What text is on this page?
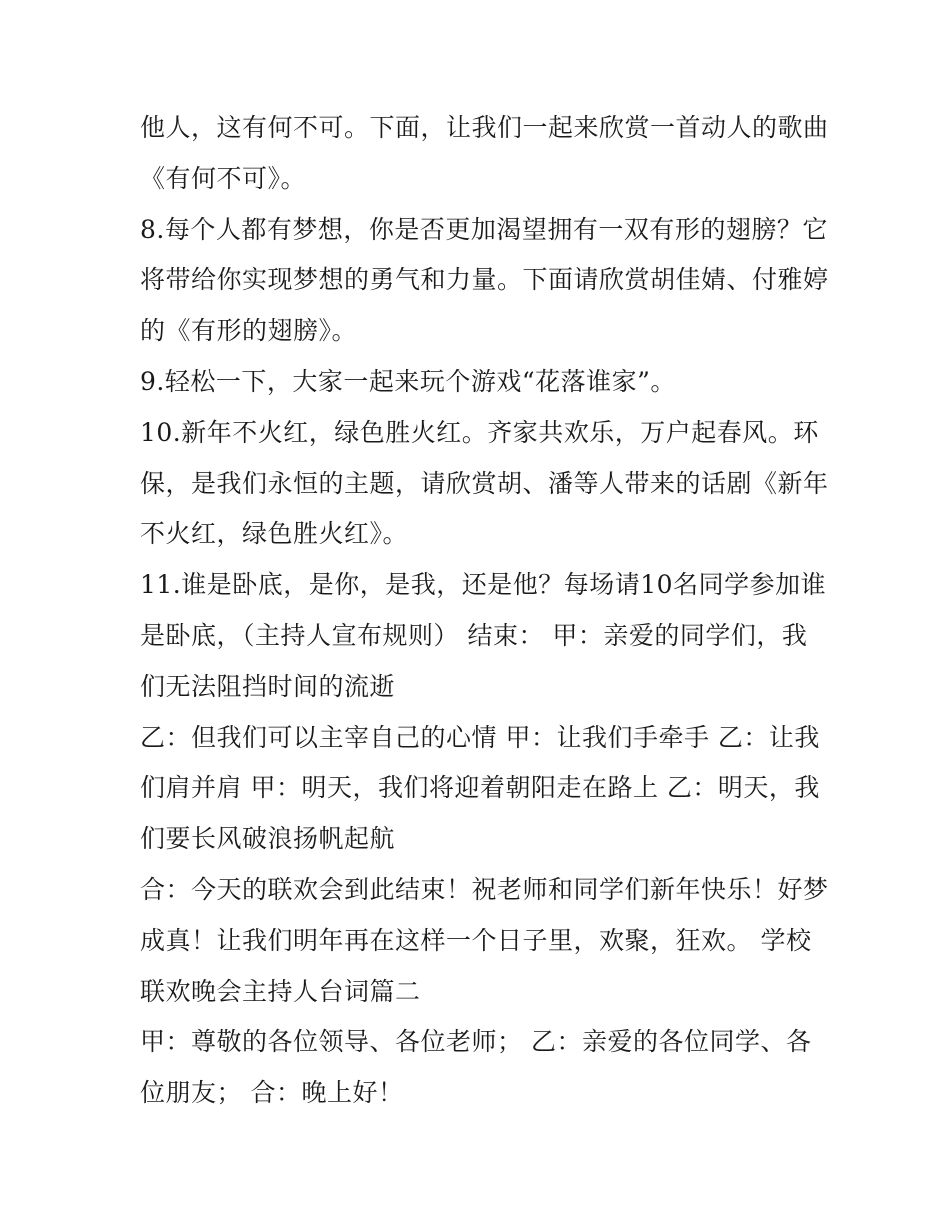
他人，这有何不可。下面，让我们一起来欣赏一首动人的歌曲
《有何不可》。
8.每个人都有梦想，你是否更加渴望拥有一双有形的翅膀？它
将带给你实现梦想的勇气和力量。下面请欣赏胡佳婧、付雅婷
的《有形的翅膀》。
9.轻松一下，大家一起来玩个游戏“花落谁家”。
10.新年不火红，绿色胜火红。齐家共欢乐，万户起春风。环
保，是我们永恒的主题，请欣赏胡、潘等人带来的话剧《新年
不火红，绿色胜火红》。
11.谁是卧底，是你，是我，还是他？每场请10名同学参加谁
是卧底，（主持人宣布规则） 结束： 甲：亲爱的同学们，我
们无法阻挡时间的流逝
乙：但我们可以主宰自己的心情 甲：让我们手牵手 乙：让我
们肩并肩 甲：明天，我们将迎着朝阳走在路上 乙：明天，我
们要长风破浪扬帆起航
合：今天的联欢会到此结束！祝老师和同学们新年快乐！好梦
成真！让我们明年再在这样一个日子里，欢聚，狂欢。 学校
联欢晚会主持人台词篇二
甲：尊敬的各位领导、各位老师； 乙：亲爱的各位同学、各
位朋友； 合：晚上好！
